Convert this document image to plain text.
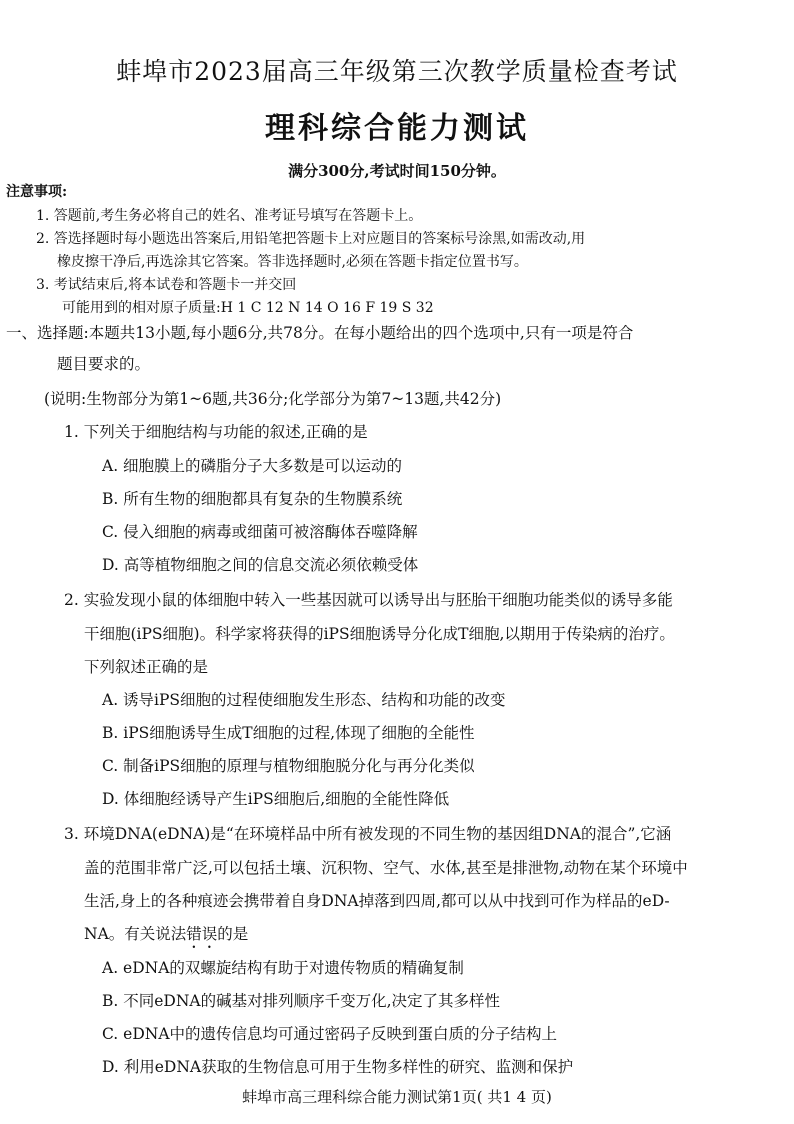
蚌埠市2023届高三年级第三次教学质量检查考试
理科综合能力测试
满分300分,考试时间150分钟。
注意事项:
1. 答题前,考生务必将自己的姓名、准考证号填写在答题卡上。
2. 答选择题时每小题选出答案后,用铅笔把答题卡上对应题目的答案标号涂黑,如需改动,用
橡皮擦干净后,再选涂其它答案。答非选择题时,必须在答题卡指定位置书写。
3. 考试结束后,将本试卷和答题卡一并交回
可能用到的相对原子质量:H 1 C 12 N 14 O 16 F 19 S 32
一、选择题:本题共13小题,每小题6分,共78分。在每小题给出的四个选项中,只有一项是符合
题目要求的。
(说明:生物部分为第1~6题,共36分;化学部分为第7~13题,共42分)
1. 下列关于细胞结构与功能的叙述,正确的是
A. 细胞膜上的磷脂分子大多数是可以运动的
B. 所有生物的细胞都具有复杂的生物膜系统
C. 侵入细胞的病毒或细菌可被溶酶体吞噬降解
D. 高等植物细胞之间的信息交流必须依赖受体
2. 实验发现小鼠的体细胞中转入一些基因就可以诱导出与胚胎干细胞功能类似的诱导多能
干细胞(iPS细胞)。科学家将获得的iPS细胞诱导分化成T细胞,以期用于传染病的治疗。
下列叙述正确的是
A. 诱导iPS细胞的过程使细胞发生形态、结构和功能的改变
B. iPS细胞诱导生成T细胞的过程,体现了细胞的全能性
C. 制备iPS细胞的原理与植物细胞脱分化与再分化类似
D. 体细胞经诱导产生iPS细胞后,细胞的全能性降低
3. 环境DNA(eDNA)是“在环境样品中所有被发现的不同生物的基因组DNA的混合”,它涵
盖的范围非常广泛,可以包括土壤、沉积物、空气、水体,甚至是排泄物,动物在某个环境中
生活,身上的各种痕迹会携带着自身DNA掉落到四周,都可以从中找到可作为样品的eD-
NA。有关说法错误的是
A. eDNA的双螺旋结构有助于对遗传物质的精确复制
B. 不同eDNA的碱基对排列顺序千变万化,决定了其多样性
C. eDNA中的遗传信息均可通过密码子反映到蛋白质的分子结构上
D. 利用eDNA获取的生物信息可用于生物多样性的研究、监测和保护
蚌埠市高三理科综合能力测试第1页( 共1 4 页)
